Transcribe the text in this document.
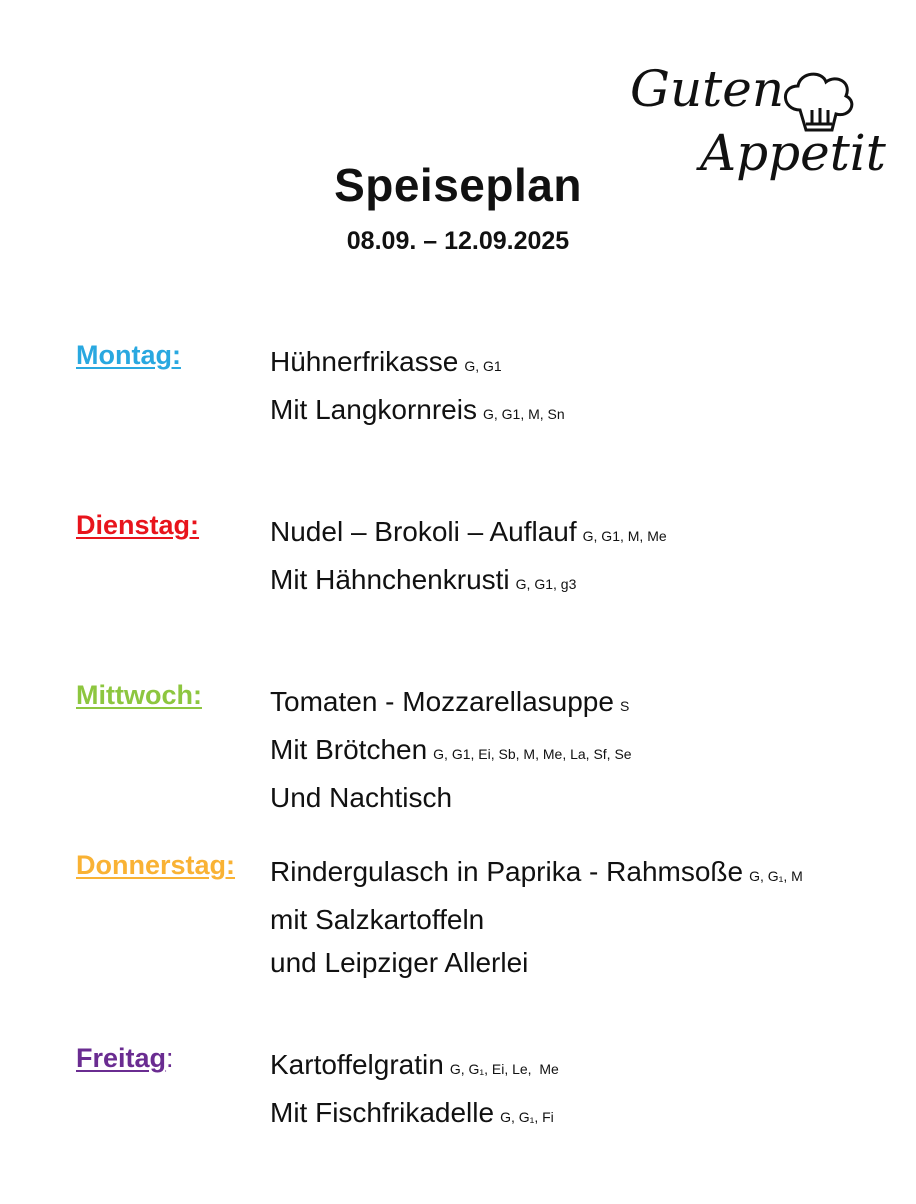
Guten
Appetit
Speiseplan
08.09. – 12.09.2025
Montag:	Hühnerfrikasse G, G1
Mit Langkornreis G, G1, M, Sn
Dienstag:	Nudel – Brokoli – Auflauf G, G1, M, Me
Mit Hähnchenkrusti G, G1, g3
Mittwoch: Tomaten - Mozzarellasuppe S
Mit Brötchen G, G1, Ei, Sb, M, Me, La, Sf, Se
Und Nachtisch
Donnerstag: Rindergulasch in Paprika - Rahmsoße G, G₁, M
mit Salzkartoffeln
und Leipziger Allerlei
Freitag:	Kartoffelgratin G, G₁, Ei, Le,  Me
Mit Fischfrikadelle G, G₁, Fi
